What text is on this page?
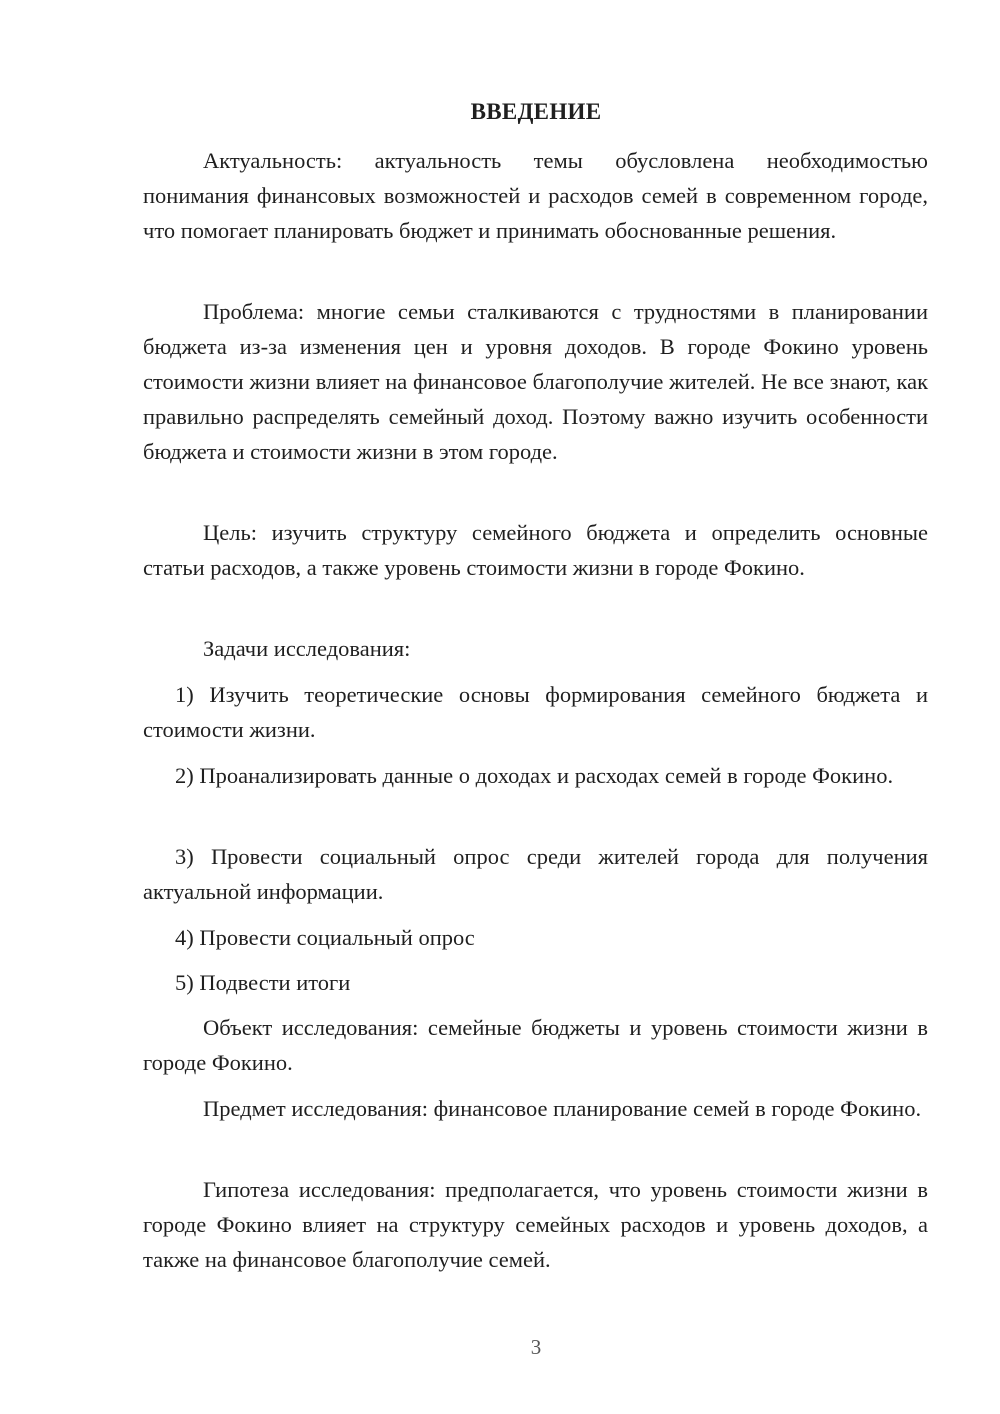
ВВЕДЕНИЕ

Актуальность: актуальность темы обусловлена необходимостью понимания финансовых возможностей и расходов семей в современном городе, что помогает планировать бюджет и принимать обоснованные решения.

Проблема: многие семьи сталкиваются с трудностями в планировании бюджета из-за изменения цен и уровня доходов. В городе Фокино уровень стоимости жизни влияет на финансовое благополучие жителей. Не все знают, как правильно распределять семейный доход. Поэтому важно изучить особенности бюджета и стоимости жизни в этом городе.

Цель: изучить структуру семейного бюджета и определить основные статьи расходов, а также уровень стоимости жизни в городе Фокино.

Задачи исследования:

1) Изучить теоретические основы формирования семейного бюджета и стоимости жизни.

2) Проанализировать данные о доходах и расходах семей в городе Фокино.

3) Провести социальный опрос среди жителей города для получения актуальной информации.

4) Провести социальный опрос

5) Подвести итоги

Объект исследования: семейные бюджеты и уровень стоимости жизни в городе Фокино.

Предмет исследования: финансовое планирование семей в городе Фокино.

Гипотеза исследования: предполагается, что уровень стоимости жизни в городе Фокино влияет на структуру семейных расходов и уровень доходов, а также на финансовое благополучие семей.

3
